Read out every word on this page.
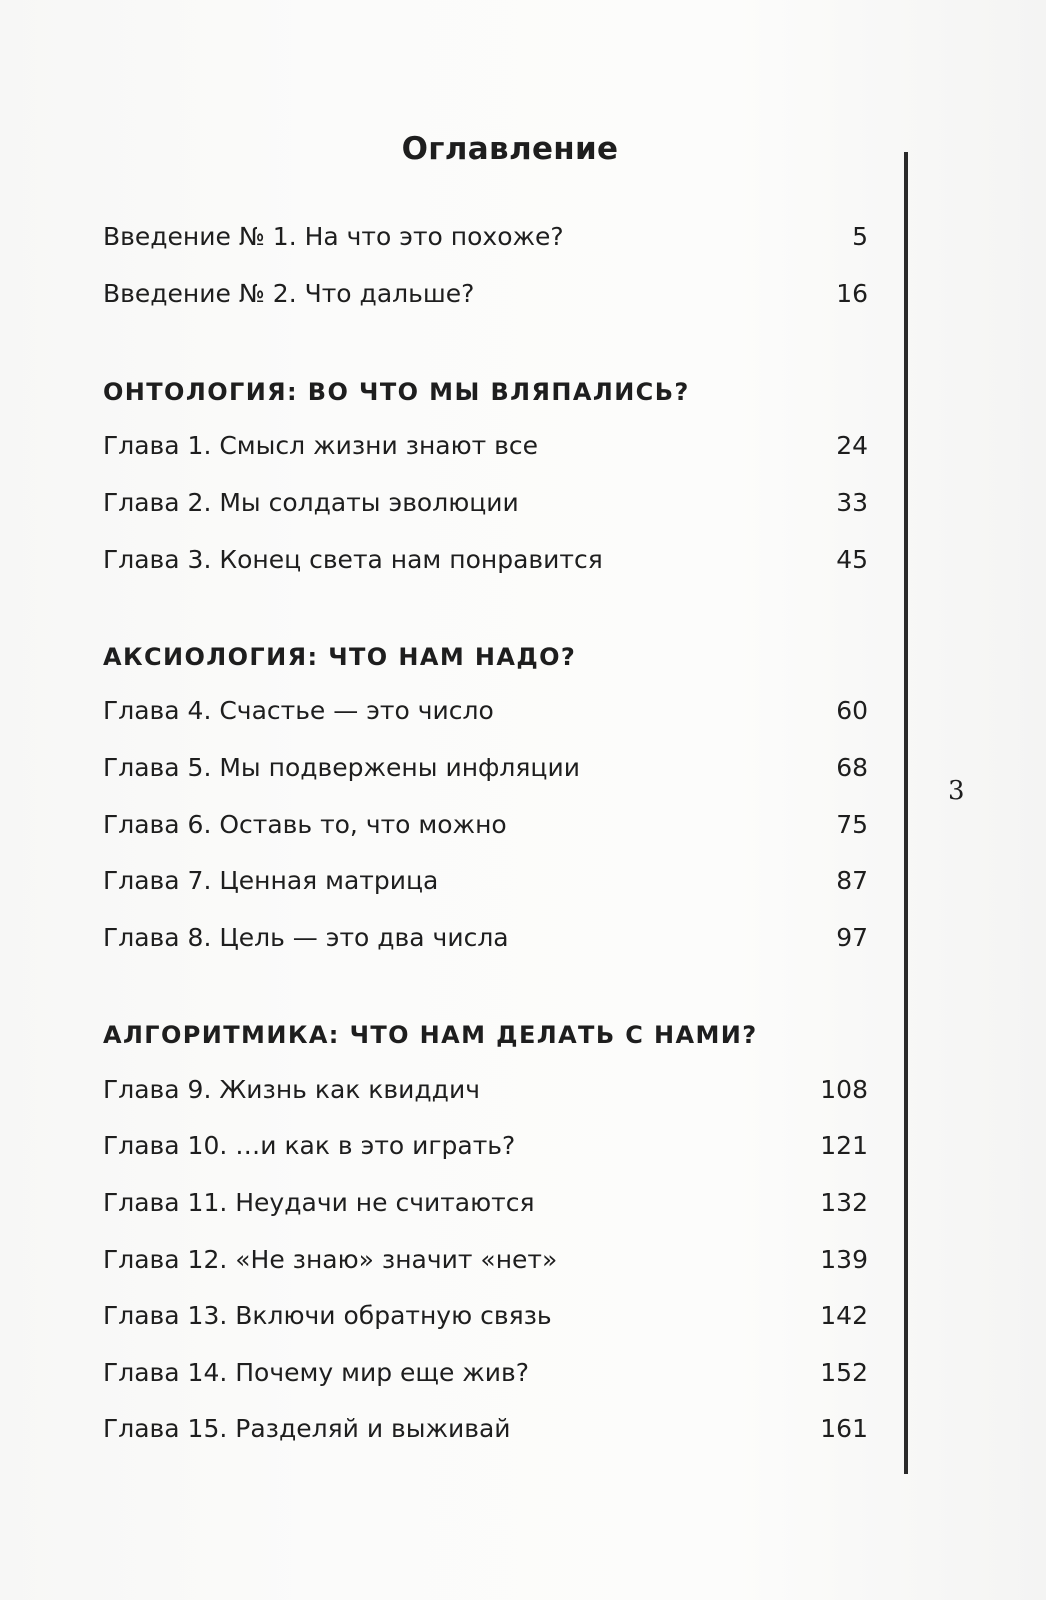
Оглавление
Введение № 1. На что это похоже?	5
Введение № 2. Что дальше?	16
ОНТОЛОГИЯ: ВО ЧТО МЫ ВЛЯПАЛИСЬ?
Глава 1. Смысл жизни знают все	24
Глава 2. Мы солдаты эволюции	33
Глава 3. Конец света нам понравится	45
АКСИОЛОГИЯ: ЧТО НАМ НАДО?
Глава 4. Счастье — это число	60
Глава 5. Мы подвержены инфляции	68
Глава 6. Оставь то, что можно	75
Глава 7. Ценная матрица	87
Глава 8. Цель — это два числа	97
АЛГОРИТМИКА: ЧТО НАМ ДЕЛАТЬ С НАМИ?
Глава 9. Жизнь как квиддич	108
Глава 10. …и как в это играть?	121
Глава 11. Неудачи не считаются	132
Глава 12. «Не знаю» значит «нет»	139
Глава 13. Включи обратную связь	142
Глава 14. Почему мир еще жив?	152
Глава 15. Разделяй и выживай	161
3
